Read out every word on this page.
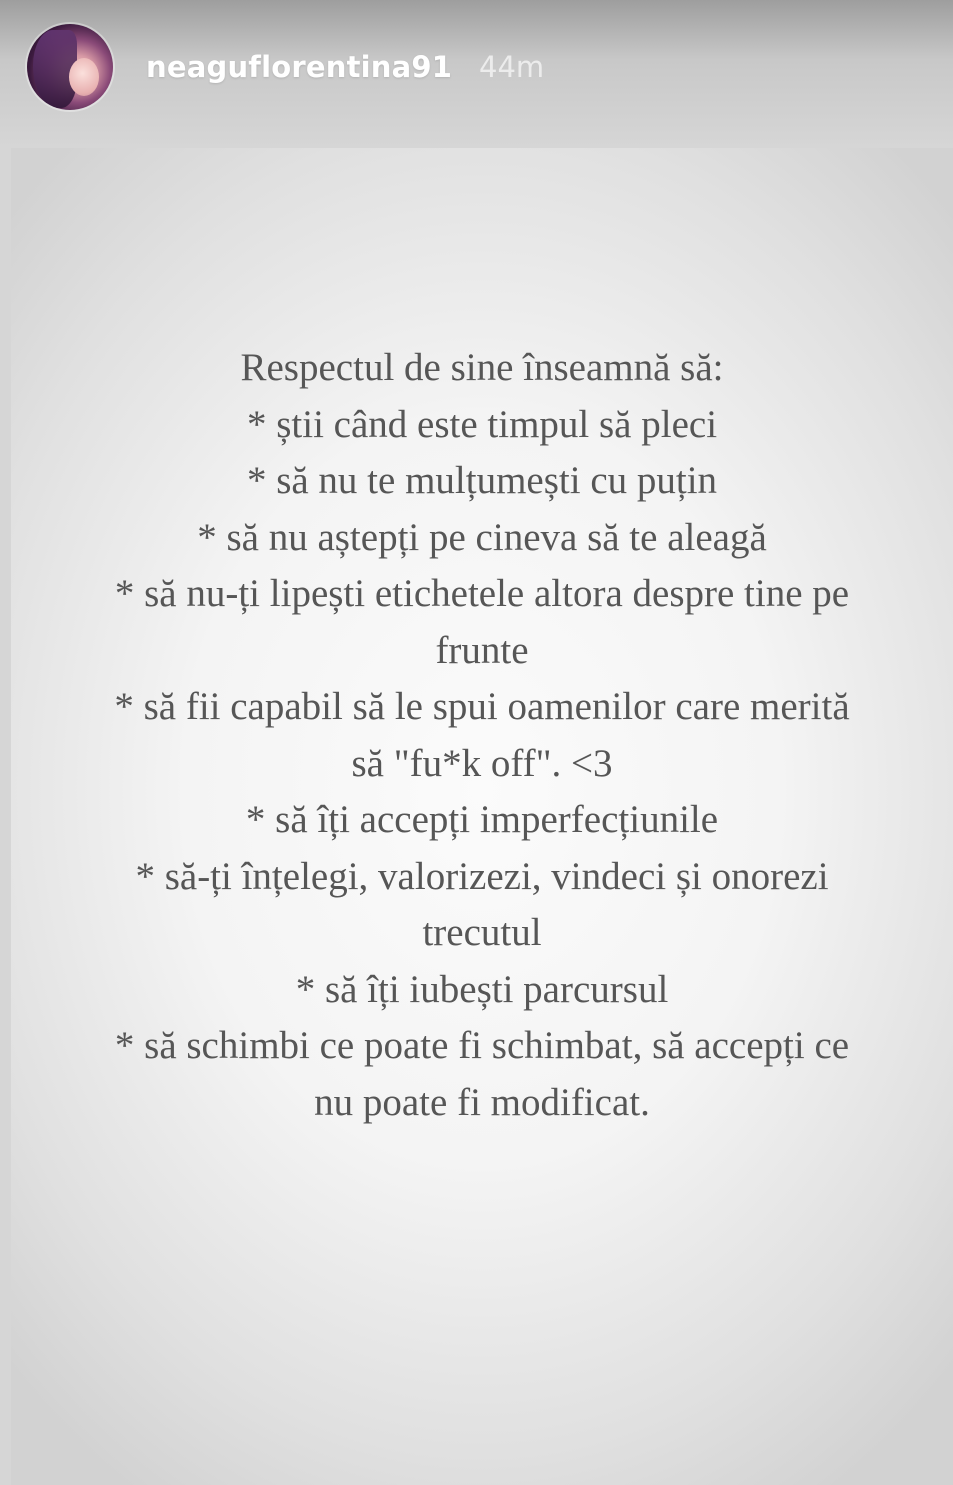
neaguflorentina91 44m
Respectul de sine înseamnă să:
* știi când este timpul să pleci
* să nu te mulțumești cu puțin
* să nu aștepți pe cineva să te aleagă
* să nu-ți lipești etichetele altora despre tine pe
frunte
* să fii capabil să le spui oamenilor care merită
să "fu*k off". <3
* să îți accepți imperfecțiunile
* să-ți înțelegi, valorizezi, vindeci și onorezi
trecutul
* să îți iubești parcursul
* să schimbi ce poate fi schimbat, să accepți ce
nu poate fi modificat.
